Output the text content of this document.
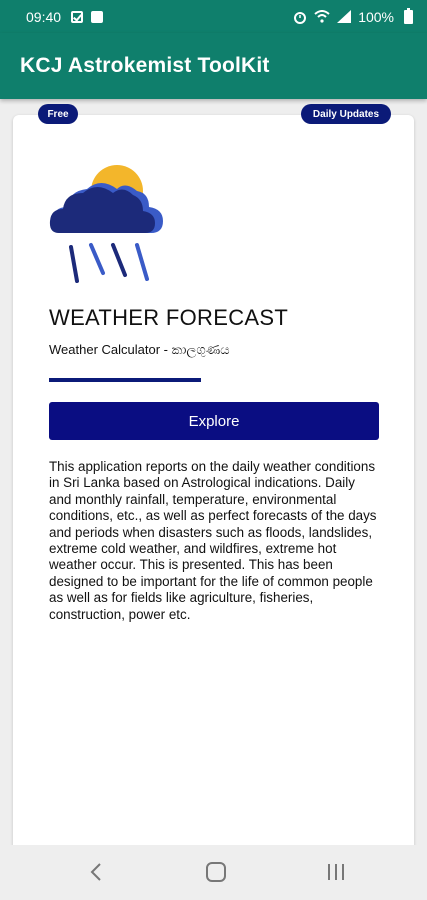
09:40	100%
KCJ Astrokemist ToolKit
Free	Daily Updates
WEATHER FORECAST
Weather Calculator - කාලගුණය
Explore

This application reports on the daily weather conditions in Sri Lanka based on Astrological indications. Daily and monthly rainfall, temperature, environmental conditions, etc., as well as perfect forecasts of the days and periods when disasters such as floods, landslides, extreme cold weather, and wildfires, extreme hot weather occur. This is presented. This has been designed to be important for the life of common people as well as for fields like agriculture, fisheries, construction, power etc.
